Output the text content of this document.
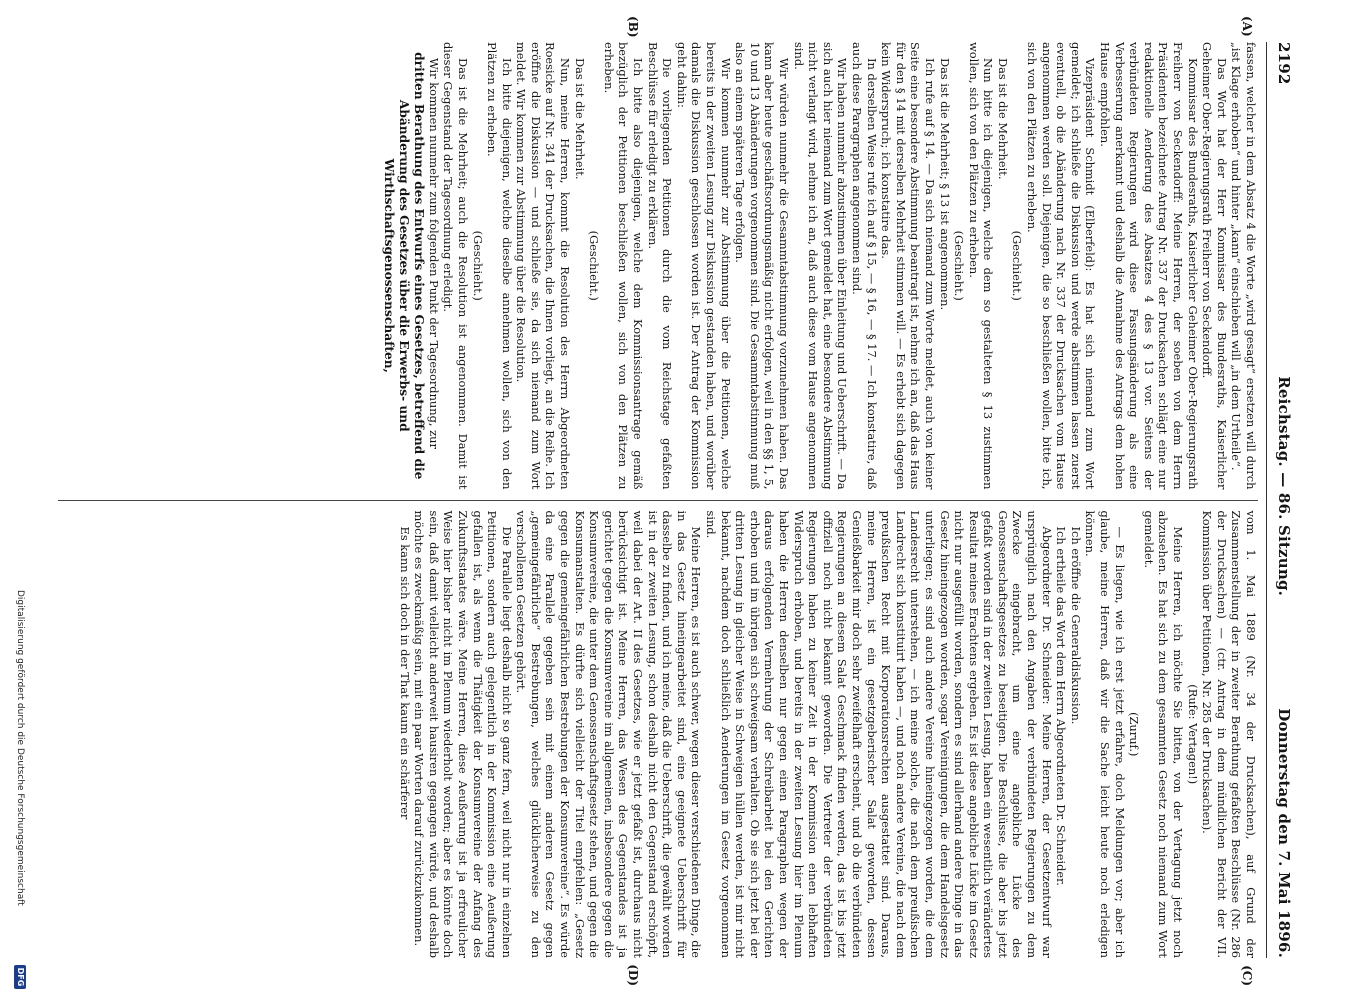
2192
Reichstag. — 86. Sitzung.
Donnerstag den 7. Mai 1896.
(A)
(B)
(C)
(D)

fassen, welcher in dem Absatz 4 die Worte „wird gesagt“ ersetzen will durch „ist Klage erhoben“ und hinter „kann“ einschieben will „in dem Urtheile“.

Das Wort hat der Herr Kommissar des Bundesraths, Kaiserlicher Geheimer Ober-Regierungsrath Freiherr von Seckendorff.

Kommissar des Bundesraths, Kaiserlicher Geheimer Ober-Regierungsrath Freiherr von Seckendorff: Meine Herren, der soeben von dem Herrn Präsidenten bezeichnete Antrag Nr. 337 der Drucksachen schlägt eine nur redaktionelle Aenderung des Absatzes 4 des § 13 vor. Seitens der verbündeten Regierungen wird diese Fassungsänderung als eine Verbesserung anerkannt und deshalb die Annahme des Antrags dem hohen Hause empfohlen.

Vizepräsident Schmidt (Elberfeld): Es hat sich niemand zum Wort gemeldet; ich schließe die Diskussion und werde abstimmen lassen zuerst eventuell, ob die Abänderung nach Nr. 337 der Drucksachen vom Hause angenommen werden soll. Diejenigen, die so beschließen wollen, bitte ich, sich von den Plätzen zu erheben.

(Geschieht.)

Das ist die Mehrheit.

Nun bitte ich diejenigen, welche dem so gestalteten § 13 zustimmen wollen, sich von den Plätzen zu erheben.

(Geschieht.)

Das ist die Mehrheit; § 13 ist angenommen.

Ich rufe auf § 14. — Da sich niemand zum Worte meldet, auch von keiner Seite eine besondere Abstimmung beantragt ist, nehme ich an, daß das Haus für den § 14 mit derselben Mehrheit stimmen will. — Es erhebt sich dagegen kein Widerspruch; ich konstatire das.

In derselben Weise rufe ich auf § 15, — § 16, — § 17. — Ich konstatire, daß auch diese Paragraphen angenommen sind.

Wir haben nunmehr abzustimmen über Einleitung und Ueberschrift. — Da sich auch hier niemand zum Wort gemeldet hat, eine besondere Abstimmung nicht verlangt wird, nehme ich an, daß auch diese vom Hause angenommen sind.

Wir würden nunmehr die Gesammtabstimmung vorzunehmen haben. Das kann aber heute geschäftsordnungsmäßig nicht erfolgen, weil in den §§ 1, 5, 10 und 13 Abänderungen vorgenommen sind. Die Gesammtabstimmung muß also an einem späteren Tage erfolgen.

Wir kommen nunmehr zur Abstimmung über die Petitionen, welche bereits in der zweiten Lesung zur Diskussion gestanden haben, und worüber damals die Diskussion geschlossen worden ist. Der Antrag der Kommission geht dahin:

Die vorliegenden Petitionen durch die vom Reichstage gefaßten Beschlüsse für erledigt zu erklären.

Ich bitte also diejenigen, welche dem Kommissionsantrage gemäß bezüglich der Petitionen beschließen wollen, sich von den Plätzen zu erheben.

(Geschieht.)

Das ist die Mehrheit.

Nun, meine Herren, kommt die Resolution des Herrn Abgeordneten Roesicke auf Nr. 341 der Drucksachen, die Ihnen vorliegt, an die Reihe. Ich eröffne die Diskussion — und schließe sie, da sich niemand zum Wort meldet. Wir kommen zur Abstimmung über die Resolution.

Ich bitte diejenigen, welche dieselbe annehmen wollen, sich von den Plätzen zu erheben.

(Geschieht.)

Das ist die Mehrheit; auch die Resolution ist angenommen. Damit ist dieser Gegenstand der Tagesordnung erledigt.

Wir kommen nunmehr zum folgenden Punkt der Tagesordnung, zur

dritten Berathung des Entwurfs eines Gesetzes, betreffend die Abänderung des Gesetzes über die Erwerbs- und Wirthschaftsgenossenschaften,

vom 1. Mai 1889 (Nr. 34 der Drucksachen), auf Grund der Zusammenstellung der in zweiter Berathung gefaßten Beschlüsse (Nr. 286 der Drucksachen) — (ctr. Antrag in dem mündlichen Bericht der VII. Kommission über Petitionen, Nr. 285 der Drucksachen).

(Rufe: Vertagen!)

Meine Herren, ich möchte Sie bitten, von der Vertagung jetzt noch abzusehen. Es hat sich zu dem gesammten Gesetz noch niemand zum Wort gemeldet.

(Zuruf.)

— Es liegen, wie ich erst jetzt erfahre, doch Meldungen vor; aber ich glaube, meine Herren, daß wir die Sache leicht heute noch erledigen können.

Ich eröffne die Generaldiskussion.

Ich ertheile das Wort dem Herrn Abgeordneten Dr. Schneider.

Abgeordneter Dr. Schneider: Meine Herren, der Gesetzentwurf war ursprünglich nach den Angaben der verbündeten Regierungen zu dem Zwecke eingebracht, um eine angebliche Lücke des Genossenschaftsgesetzes zu beseitigen. Die Beschlüsse, die aber bis jetzt gefaßt worden sind in der zweiten Lesung, haben ein wesentlich verändertes Resultat meines Erachtens ergeben. Es ist diese angebliche Lücke im Gesetz nicht nur ausgefüllt worden, sondern es sind allerhand andere Dinge in das Gesetz hineingezogen worden, sogar Vereinigungen, die dem Handelsgesetz unterliegen; es sind auch andere Vereine hineingezogen worden, die dem Landesrecht unterstehen, — ich meine solche, die nach dem preußischen Landrecht sich konstituirt haben —, und noch andere Vereine, die nach dem preußischen Recht mit Korporationsrechten ausgestattet sind. Daraus, meine Herren, ist ein gesetzgeberischer Salat geworden, dessen Genießbarkeit mir doch sehr zweifelhaft erscheint, und ob die verbündeten Regierungen an diesem Salat Geschmack finden werden, das ist bis jetzt offiziell noch nicht bekannt geworden. Die Vertreter der verbündeten Regierungen haben zu keiner Zeit in der Kommission einen lebhaften Widerspruch erhoben, und bereits in der zweiten Lesung hier im Plenum haben die Herren denselben nur gegen einen Paragraphen wegen der daraus erfolgenden Vermehrung der Schreibarbeit bei den Gerichten erhoben und im übrigen sich schweigsam verhalten. Ob sie sich jetzt bei der dritten Lesung in gleicher Weise in Schweigen hüllen werden, ist mir nicht bekannt, nachdem doch schließlich Aenderungen im Gesetz vorgenommen sind.

Meine Herren, es ist auch schwer, wegen dieser verschiedenen Dinge, die in das Gesetz hineingearbeitet sind, eine geeignete Ueberschrift für dasselbe zu finden, und ich meine, daß die Ueberschrift, die gewählt worden ist in der zweiten Lesung, schon deshalb nicht den Gegenstand erschöpft, weil dabei der Art. II des Gesetzes, wie er jetzt gefaßt ist, durchaus nicht berücksichtigt ist. Meine Herren, das Wesen des Gegenstandes ist ja gerichtet gegen die Konsumvereine im allgemeinen, insbesondere gegen die Konsumvereine, die unter dem Genossenschaftsgesetz stehen, und gegen die Konsumanstalten. Es dürfte sich vielleicht der Titel empfehlen: „Gesetz gegen die gemeingefährlichen Bestrebungen der Konsumvereine“. Es würde da eine Parallele gegeben sein mit einem anderen Gesetz gegen „gemeingefährliche“ Bestrebungen, welches glücklicherweise zu den verschollenen Gesetzen gehört.

Die Parallele liegt deshalb nicht so ganz fern, weil nicht nur in einzelnen Petitionen, sondern auch gelegentlich in der Kommission eine Aeußerung gefallen ist, als wenn die Thätigkeit der Konsumvereine der Anfang des Zukunftsstaates wäre. Meine Herren, diese Aeußerung ist ja erfreulicher Weise hier bisher nicht im Plenum wiederholt worden; aber es könnte doch sein, daß damit vielleicht anderweit hausiren gegangen würde, und deshalb möchte es zweckmäßig sein, mit ein paar Worten darauf zurückzukommen.

Es kann sich doch in der That kaum ein schärferer

Digitalisierung gefördert durch die Deutsche Forschungsgemeinschaft
DFG
